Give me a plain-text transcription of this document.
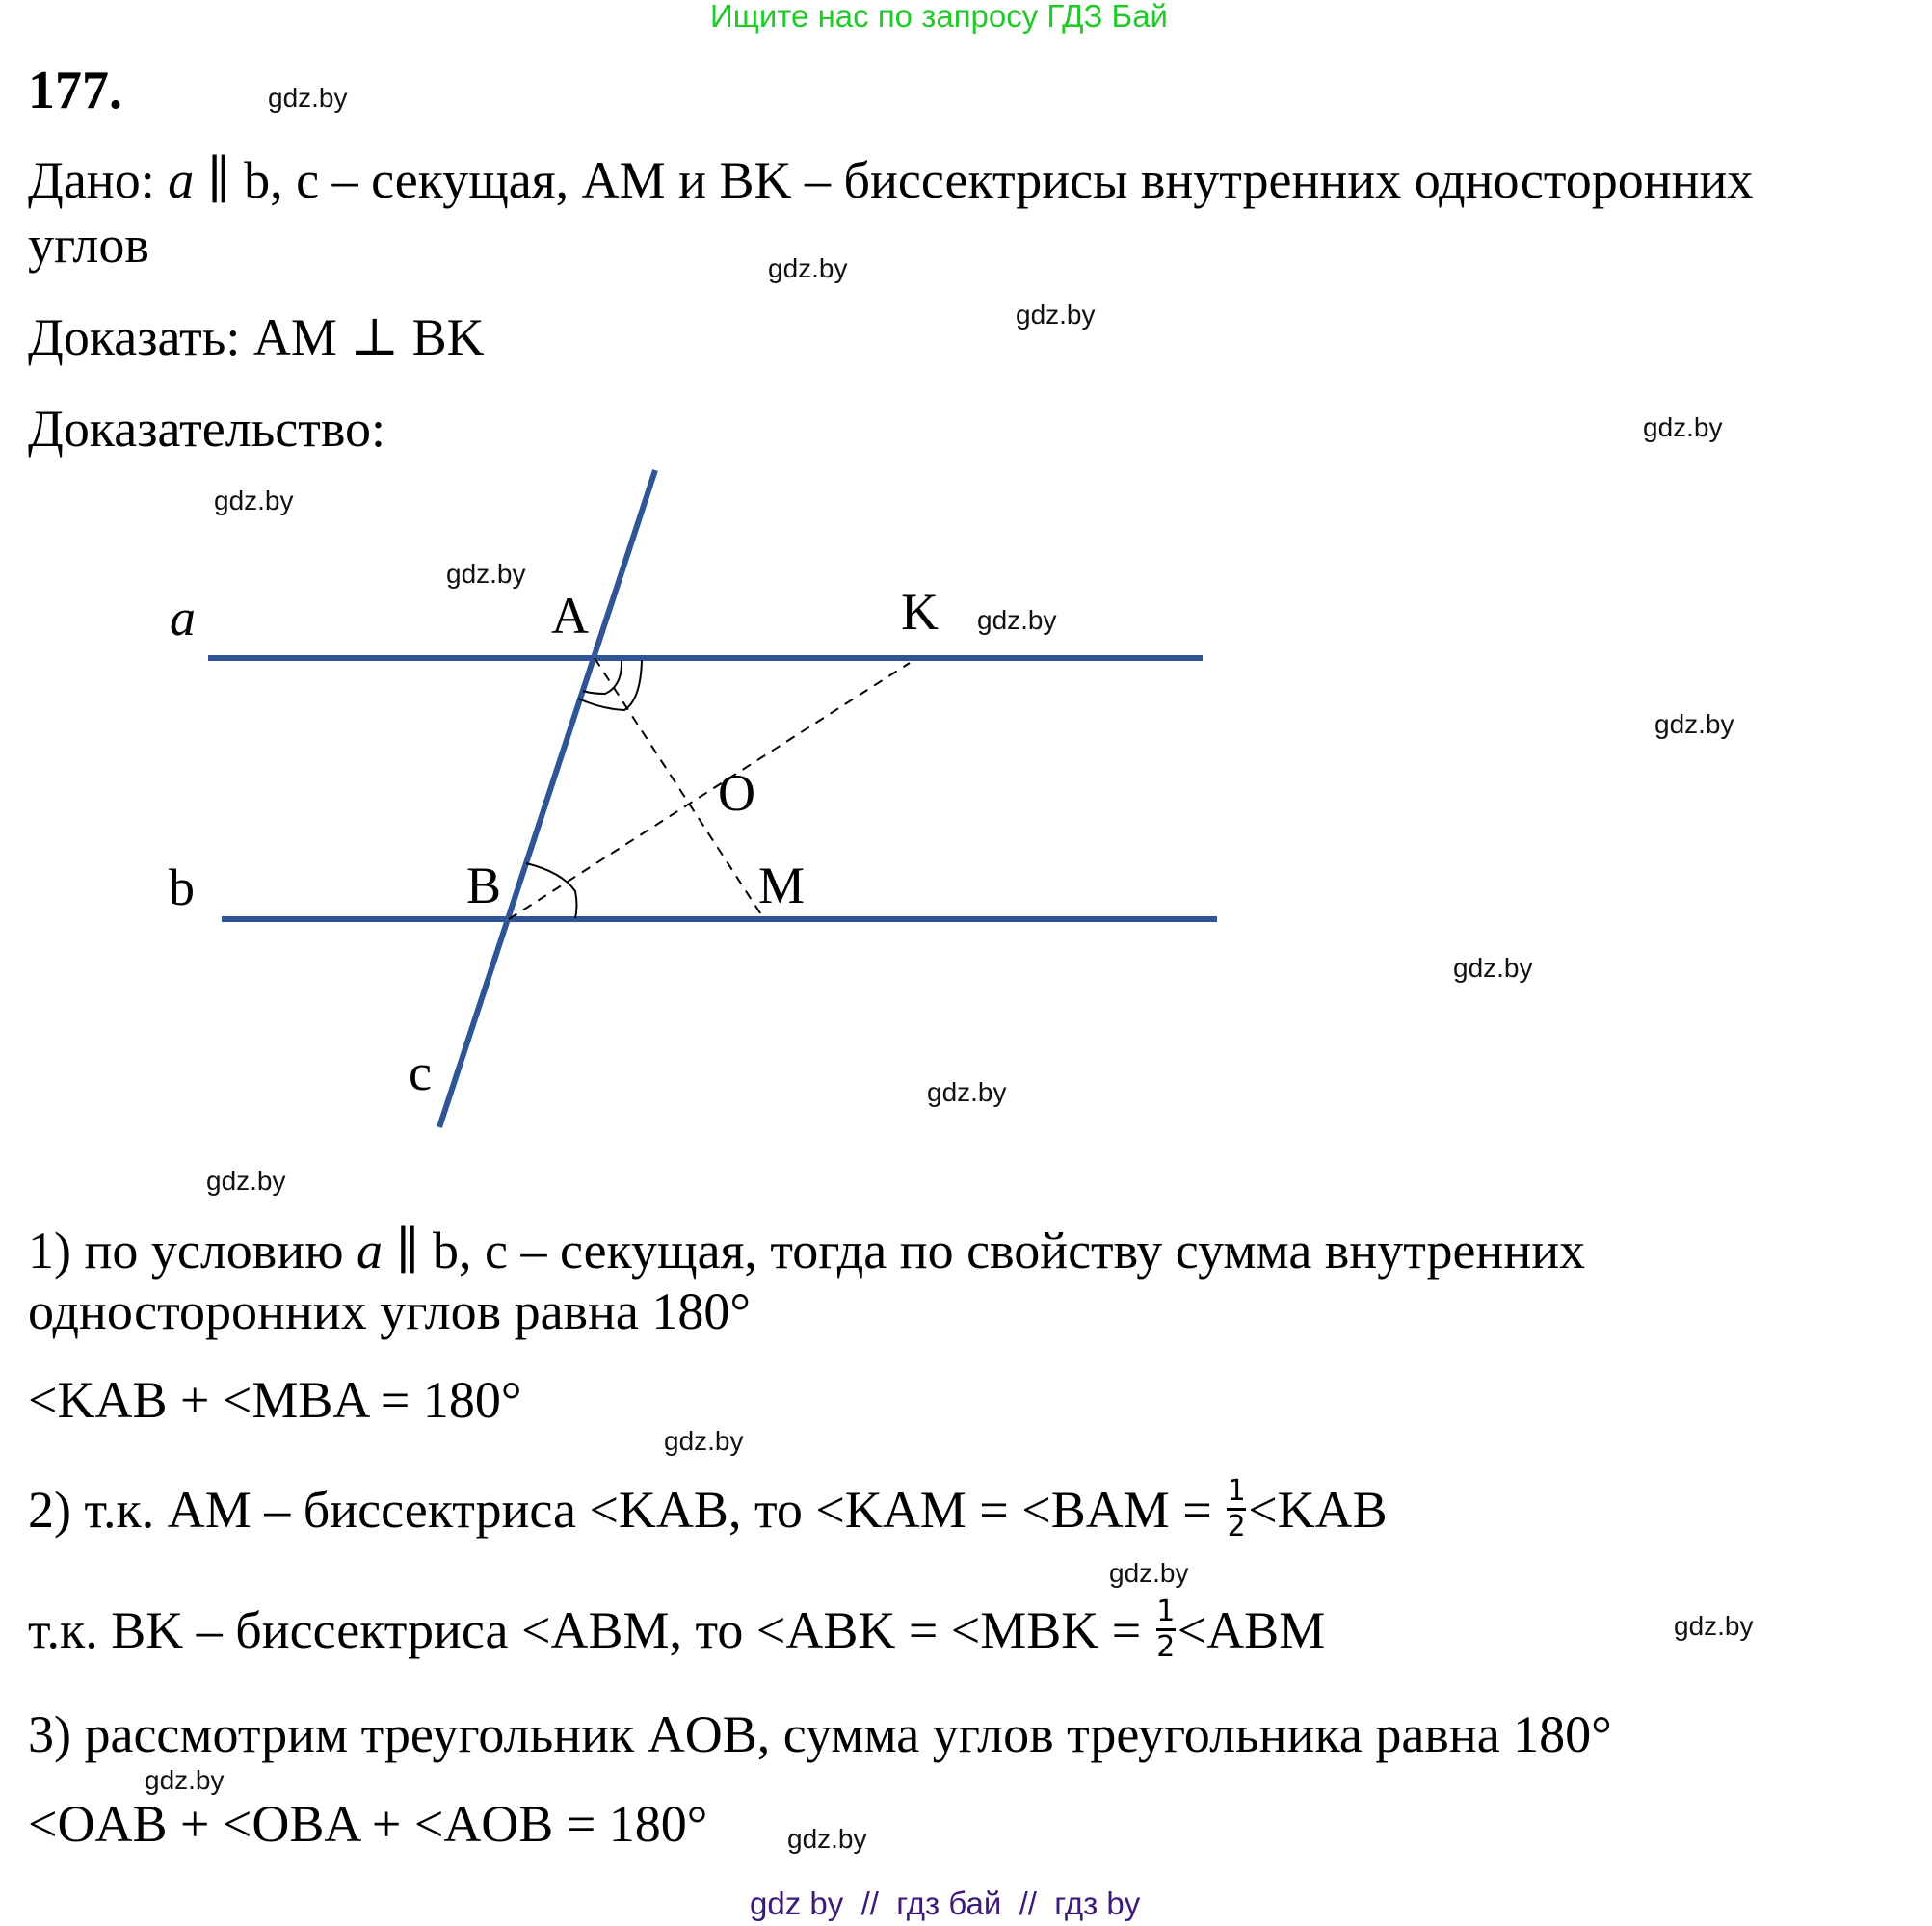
Ищите нас по запросу ГДЗ Бай
177.
Дано: a ∥ b, c – секущая, AM и BK – биссектрисы внутренних односторонних
углов
Доказать: AM ⊥ BK
Доказательство:
a
b
c
A	K
O
B	M
1) по условию a ∥ b, c – секущая, тогда по свойству сумма внутренних
односторонних углов равна 180°
<KAB + <MBA = 180°
2) т.к. AM – биссектриса <KAB, то $<KAM = <BAM = \frac{1}{2} <KAB$
т.к. BK – биссектриса <ABM, то $<ABK = <MBK = \frac{1}{2} <ABM$
3) рассмотрим треугольник AOB, сумма углов треугольника равна 180°
<OAB + <OBA + <AOB = 180°
gdz.by
gdz.by
gdz.by
gdz.by
gdz.by
gdz.by
gdz.by
gdz.by
gdz.by
gdz.by
gdz.by
gdz.by
gdz.by
gdz.by
gdz.by
gdz.by
gdz by  //  гдз бай  //  гдз by
